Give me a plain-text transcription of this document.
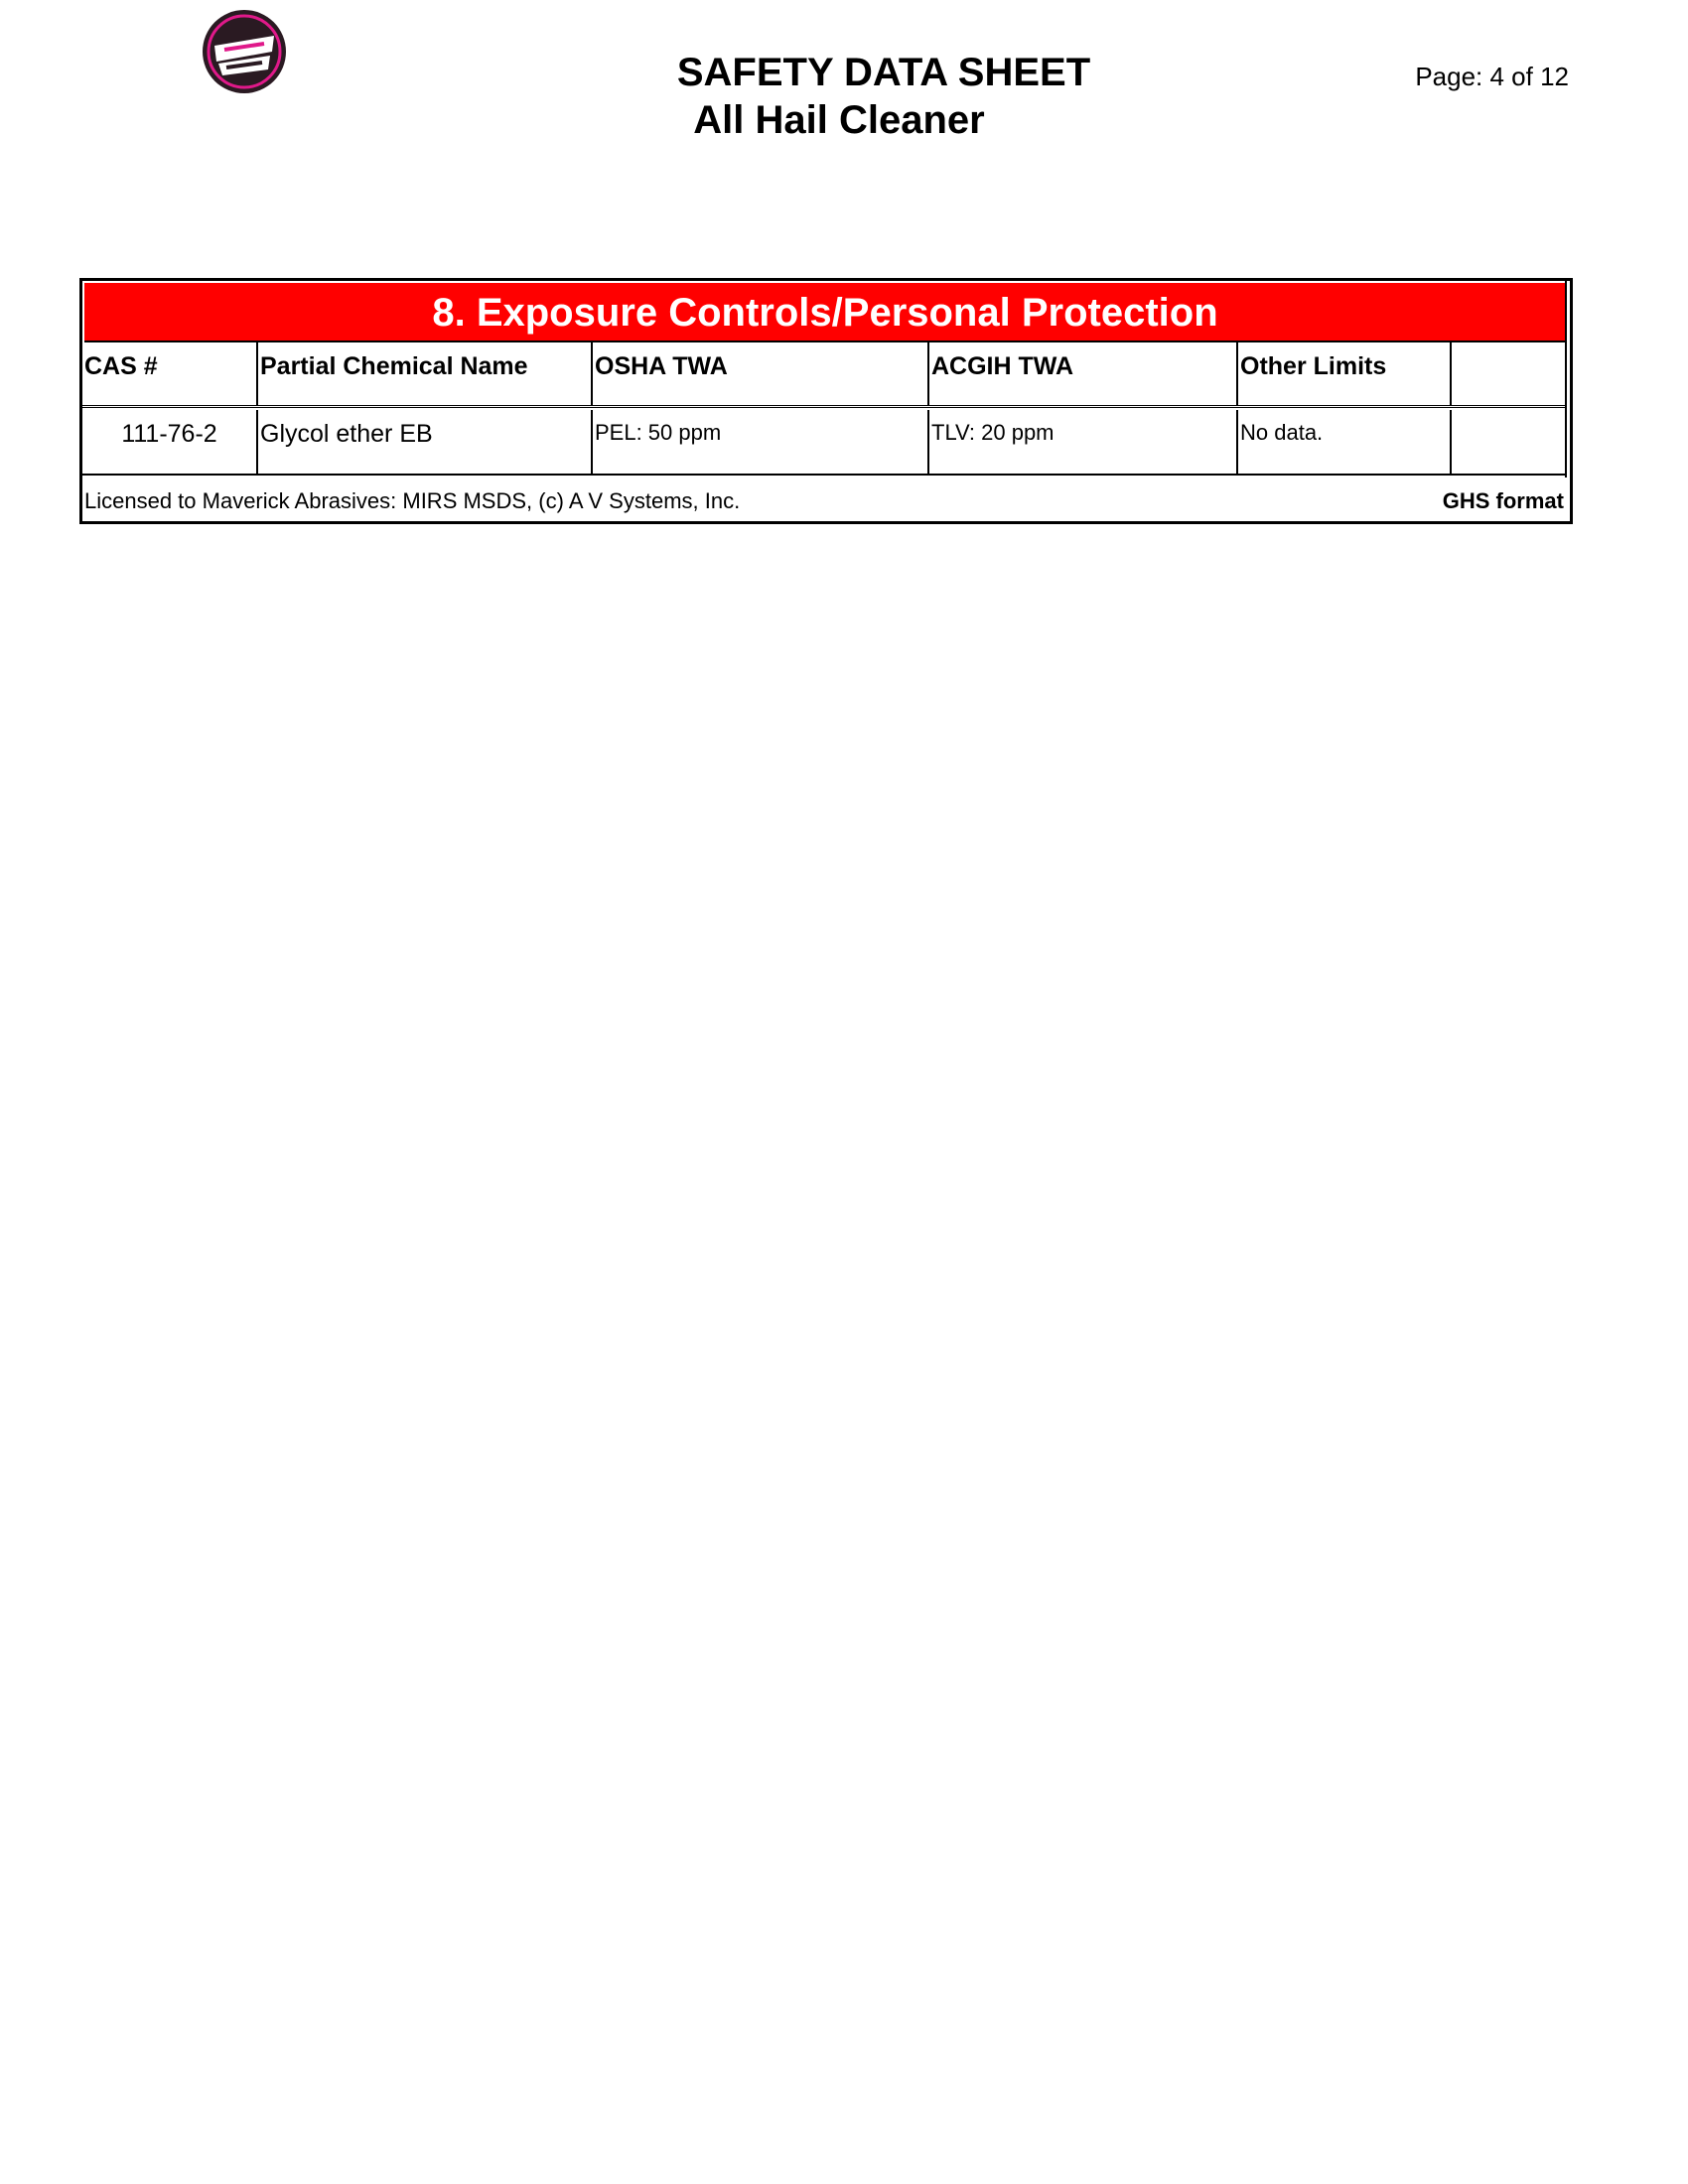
SAFETY DATA SHEET
All Hail Cleaner
Page: 4 of 12
8. Exposure Controls/Personal Protection
CAS #	Partial Chemical Name	OSHA TWA	ACGIH TWA	Other Limits
111-76-2	Glycol ether EB	PEL: 50 ppm	TLV: 20 ppm	No data.
Licensed to Maverick Abrasives: MIRS MSDS, (c) A V Systems, Inc.	GHS format
